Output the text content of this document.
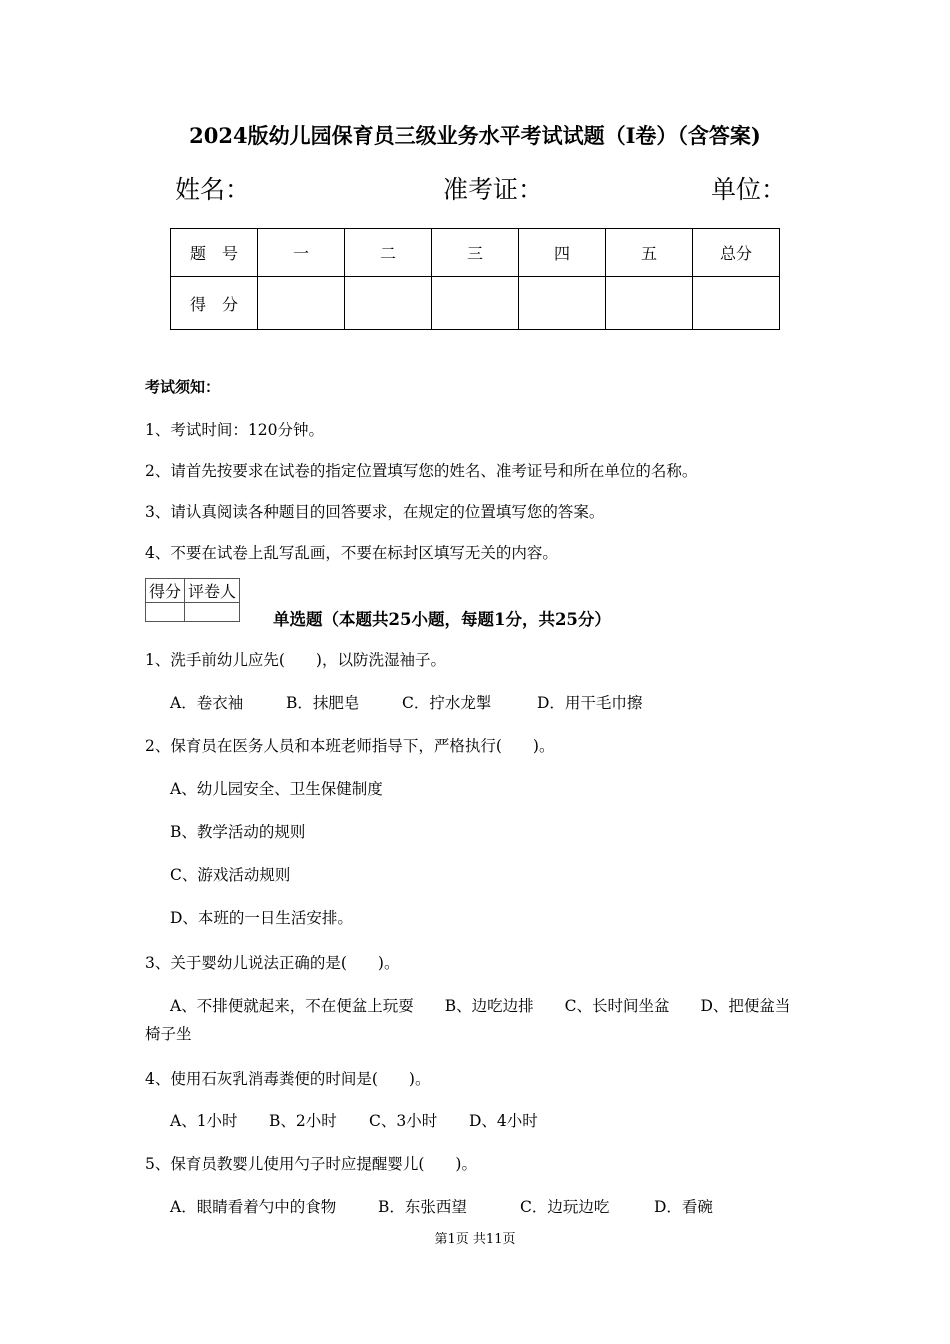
2024版幼儿园保育员三级业务水平考试试题（I卷）（含答案)
姓名：	准考证：	单位：
题　号	一	二	三	四	五	总分
得　分						
考试须知：
1、考试时间：120分钟。
2、请首先按要求在试卷的指定位置填写您的姓名、准考证号和所在单位的名称。
3、请认真阅读各种题目的回答要求，在规定的位置填写您的答案。
4、不要在试卷上乱写乱画，不要在标封区填写无关的内容。
得分	评卷人

单选题（本题共25小题，每题1分，共25分）
1、洗手前幼儿应先(　　)，以防洗湿袖子。
A．卷衣袖	B．抹肥皂	C．拧水龙掣	D．用干毛巾擦
2、保育员在医务人员和本班老师指导下，严格执行(　　)。
A、幼儿园安全、卫生保健制度
B、教学活动的规则
C、游戏活动规则
D、本班的一日生活安排。
3、关于婴幼儿说法正确的是(　　)。
A、不排便就起来，不在便盆上玩耍　　B、边吃边排　　C、长时间坐盆　　D、把便盆当
椅子坐
4、使用石灰乳消毒粪便的时间是(　　)。
A、1小时 B、2小时 C、3小时 D、4小时
5、保育员教婴儿使用勺子时应提醒婴儿(　　)。
A．眼睛看着勺中的食物	B．东张西望	C．边玩边吃	D．看碗
第1页 共11页
